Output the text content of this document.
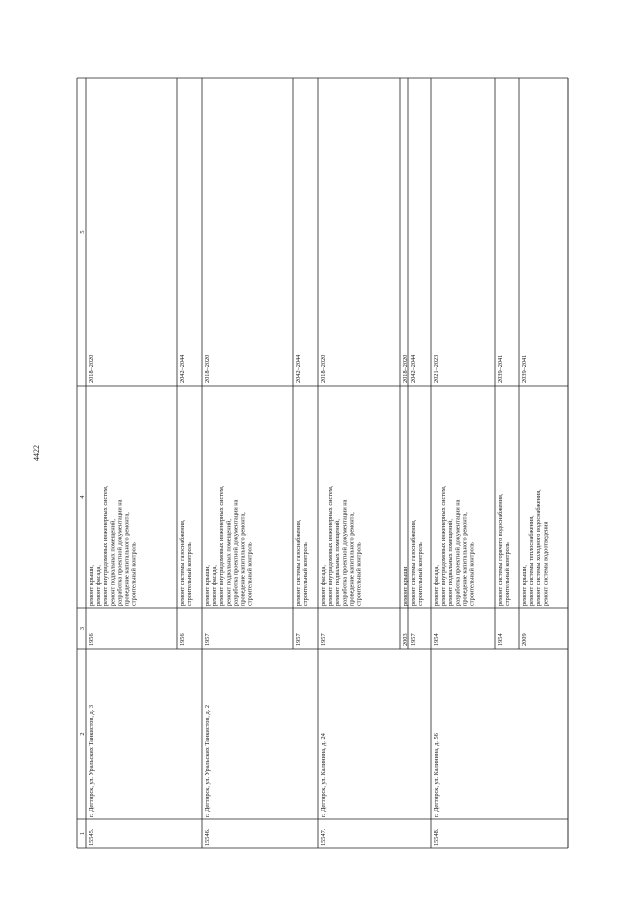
4422
1
2
3
4
5
15545.
г. Дегтярск, ул. Уральских Танкистов, д. 3
1956
ремонт крыши, ремонт фасада, ремонт внутридомовых инженерных систем, ремонт подвальных помещений, разработка проектной документации на проведение капитального ремонта, строительный контроль
2018–2020
1956
ремонт системы газоснабжения, строительный контроль
2042–2044
15546.
г. Дегтярск, ул. Уральских Танкистов, д. 2
1957
ремонт крыши, ремонт фасада, ремонт внутридомовых инженерных систем, ремонт подвальных помещений, разработка проектной документации на проведение капитального ремонта, строительный контроль
2018–2020
1957
ремонт системы газоснабжения, строительный контроль
2042–2044
15547.
г. Дегтярск, ул. Калинина, д. 24
1957
ремонт фасада, ремонт внутридомовых инженерных систем, ремонт подвальных помещений, разработка проектной документации на проведение капитального ремонта, строительный контроль
2018–2020
2003
ремонт крыши
2018–2020
1957
ремонт системы газоснабжения, строительный контроль
2042–2044
15548.
г. Дегтярск, ул. Калинина, д. 56
1954
ремонт фасада, ремонт внутридомовых инженерных систем, ремонт подвальных помещений, разработка проектной документации на проведение капитального ремонта, строительный контроль
2021–2023
1954
ремонт системы горячего водоснабжения, строительный контроль
2039–2041
2009
ремонт крыши, ремонт системы теплоснабжения, ремонт системы холодного водоснабжения, ремонт системы водоотведения
2039–2041
